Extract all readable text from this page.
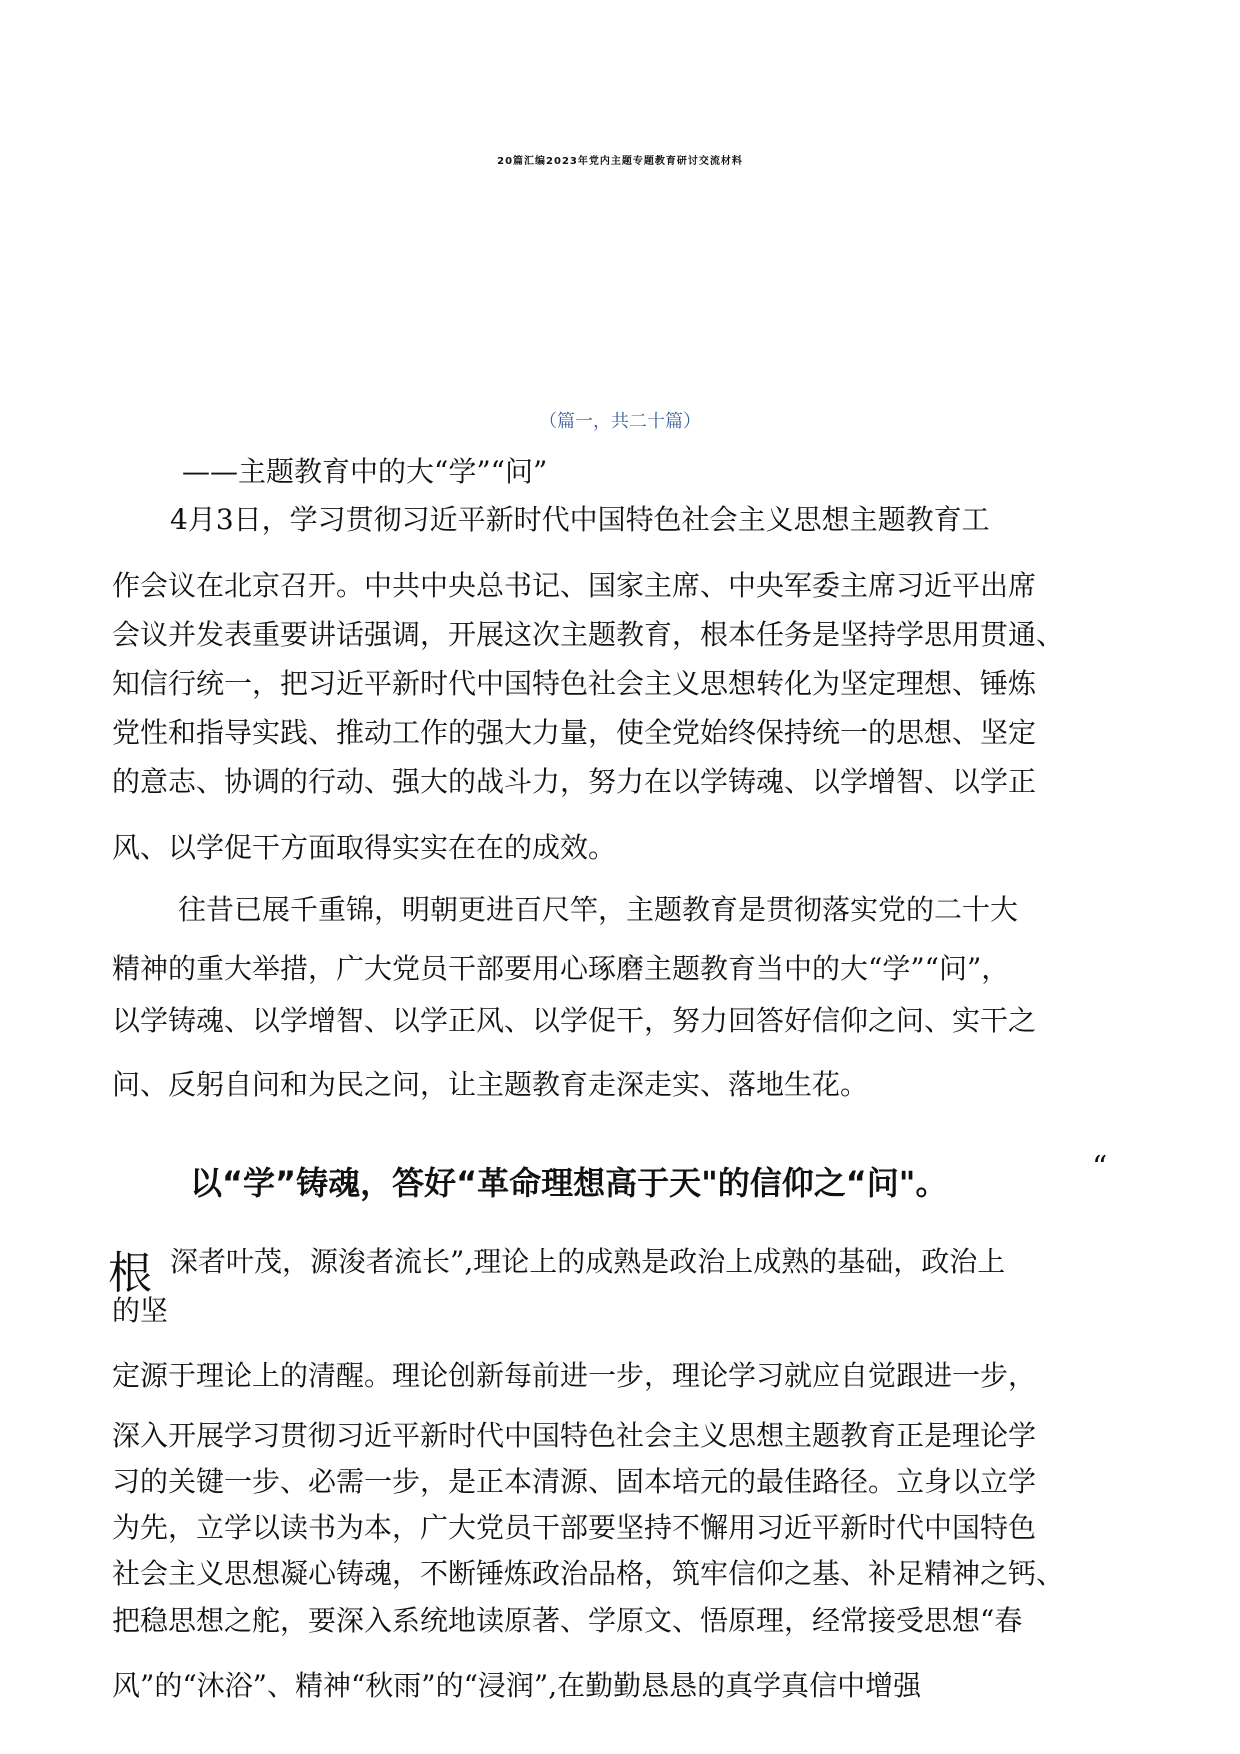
20篇汇编2023年党内主题专题教育研讨交流材料
（篇一，共二十篇）
——主题教育中的大“学”“问”
4月3日，学习贯彻习近平新时代中国特色社会主义思想主题教育工
作会议在北京召开。中共中央总书记、国家主席、中央军委主席习近平出席
会议并发表重要讲话强调，开展这次主题教育，根本任务是坚持学思用贯通、
知信行统一，把习近平新时代中国特色社会主义思想转化为坚定理想、锤炼
党性和指导实践、推动工作的强大力量，使全党始终保持统一的思想、坚定
的意志、协调的行动、强大的战斗力，努力在以学铸魂、以学增智、以学正
风、以学促干方面取得实实在在的成效。
往昔已展千重锦，明朝更进百尺竿，主题教育是贯彻落实党的二十大
精神的重大举措，广大党员干部要用心琢磨主题教育当中的大“学”“问”，
以学铸魂、以学增智、以学正风、以学促干，努力回答好信仰之问、实干之
问、反躬自问和为民之问，让主题教育走深走实、落地生花。
以“学”铸魂，答好“革命理想高于天"的信仰之“问"。	“
根 深者叶茂，源浚者流长”,理论上的成熟是政治上成熟的基础，政治上
的坚
定源于理论上的清醒。理论创新每前进一步，理论学习就应自觉跟进一步，
深入开展学习贯彻习近平新时代中国特色社会主义思想主题教育正是理论学
习的关键一步、必需一步，是正本清源、固本培元的最佳路径。立身以立学
为先，立学以读书为本，广大党员干部要坚持不懈用习近平新时代中国特色
社会主义思想凝心铸魂，不断锤炼政治品格，筑牢信仰之基、补足精神之钙、
把稳思想之舵，要深入系统地读原著、学原文、悟原理，经常接受思想“春
风”的“沐浴”、精神“秋雨”的“浸润”,在勤勤恳恳的真学真信中增强
